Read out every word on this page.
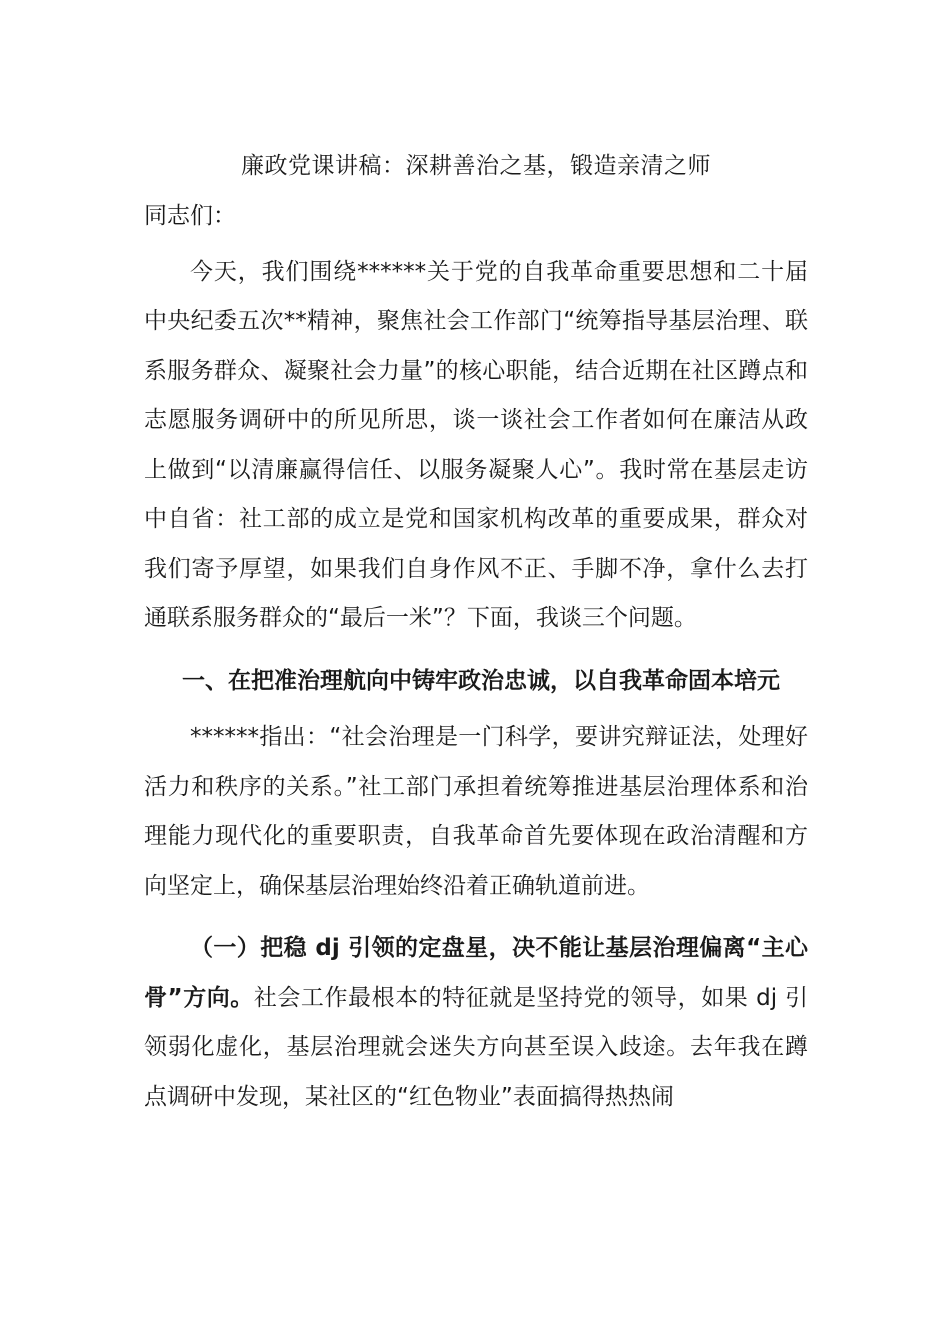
廉政党课讲稿：深耕善治之基，锻造亲清之师
同志们：

今天，我们围绕******关于党的自我革命重要思想和二十届中央纪委五次**精神，聚焦社会工作部门“统筹指导基层治理、联系服务群众、凝聚社会力量”的核心职能，结合近期在社区蹲点和志愿服务调研中的所见所思，谈一谈社会工作者如何在廉洁从政上做到“以清廉赢得信任、以服务凝聚人心”。我时常在基层走访中自省：社工部的成立是党和国家机构改革的重要成果，群众对我们寄予厚望，如果我们自身作风不正、手脚不净，拿什么去打通联系服务群众的“最后一米”？下面，我谈三个问题。

一、在把准治理航向中铸牢政治忠诚，以自我革命固本培元

******指出：“社会治理是一门科学，要讲究辩证法，处理好活力和秩序的关系。”社工部门承担着统筹推进基层治理体系和治理能力现代化的重要职责，自我革命首先要体现在政治清醒和方向坚定上，确保基层治理始终沿着正确轨道前进。

（一）把稳 dj 引领的定盘星，决不能让基层治理偏离“主心骨”方向。社会工作最根本的特征就是坚持党的领导，如果 dj 引领弱化虚化，基层治理就会迷失方向甚至误入歧途。去年我在蹲点调研中发现，某社区的“红色物业”表面搞得热热闹
